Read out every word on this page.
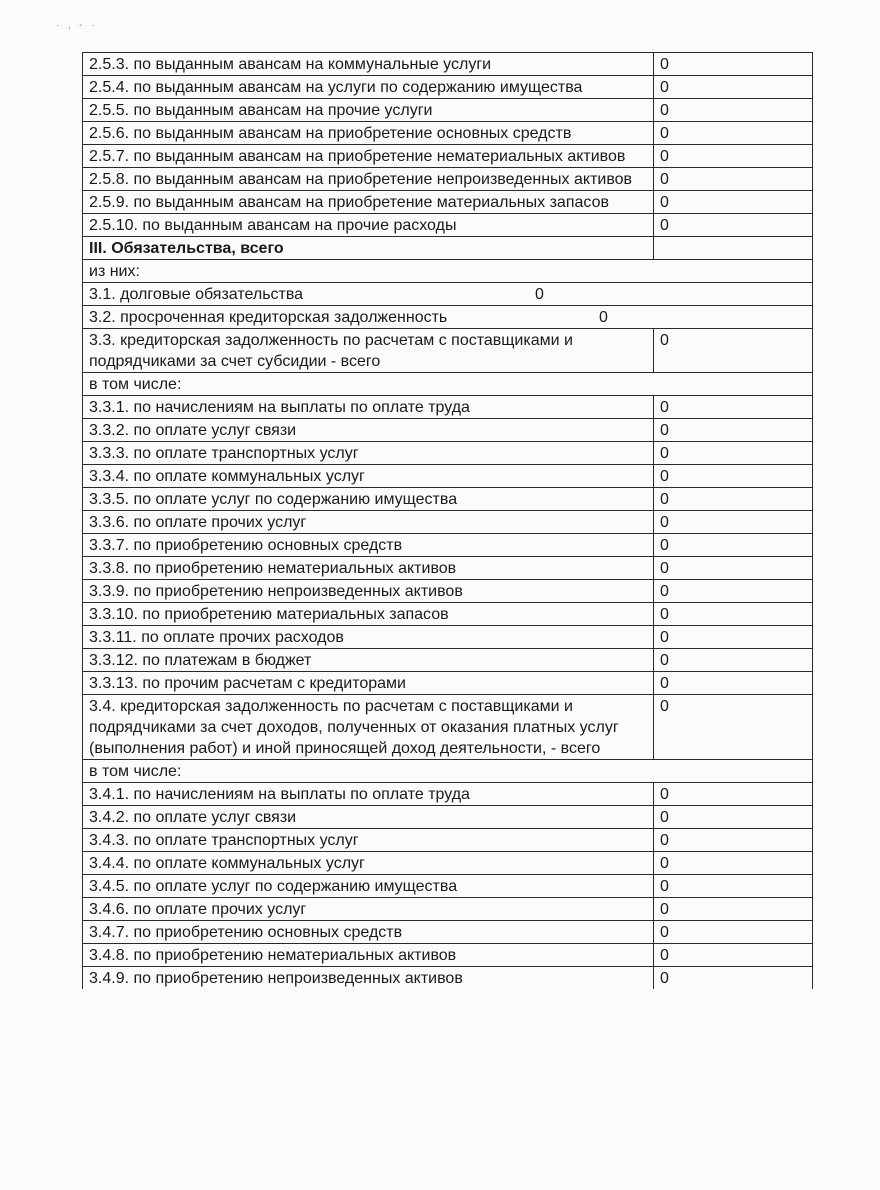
· ‚ - ·
2.5.3. по выданным авансам на коммунальные услуги	0
2.5.4. по выданным авансам на услуги по содержанию имущества	0
2.5.5. по выданным авансам на прочие услуги	0
2.5.6. по выданным авансам на приобретение основных средств	0
2.5.7. по выданным авансам на приобретение нематериальных активов	0
2.5.8. по выданным авансам на приобретение непроизведенных активов	0
2.5.9. по выданным авансам на приобретение материальных запасов	0
2.5.10. по выданным авансам на прочие расходы	0
III. Обязательства, всего	
из них:	
3.1. долговые обязательства 0	

3.2. просроченная кредиторская задолженность 0	

3.3. кредиторская задолженность по расчетам с поставщиками и подрядчиками за счет субсидии - всего	0
в том числе:	
3.3.1. по начислениям на выплаты по оплате труда	0
3.3.2. по оплате услуг связи	0
3.3.3. по оплате транспортных услуг	0
3.3.4. по оплате коммунальных услуг	0
3.3.5. по оплате услуг по содержанию имущества	0
3.3.6. по оплате прочих услуг	0
3.3.7. по приобретению основных средств	0
3.3.8. по приобретению нематериальных активов	0
3.3.9. по приобретению непроизведенных активов	0
3.3.10. по приобретению материальных запасов	0
3.3.11. по оплате прочих расходов	0
3.3.12. по платежам в бюджет	0
3.3.13. по прочим расчетам с кредиторами	0
3.4. кредиторская задолженность по расчетам с поставщиками и подрядчиками за счет доходов, полученных от оказания платных услуг (выполнения работ) и иной приносящей доход деятельности, - всего	0
в том числе:	
3.4.1. по начислениям на выплаты по оплате труда	0
3.4.2. по оплате услуг связи	0
3.4.3. по оплате транспортных услуг	0
3.4.4. по оплате коммунальных услуг	0
3.4.5. по оплате услуг по содержанию имущества	0
3.4.6. по оплате прочих услуг	0
3.4.7. по приобретению основных средств	0
3.4.8. по приобретению нематериальных активов	0
3.4.9. по приобретению непроизведенных активов	0
